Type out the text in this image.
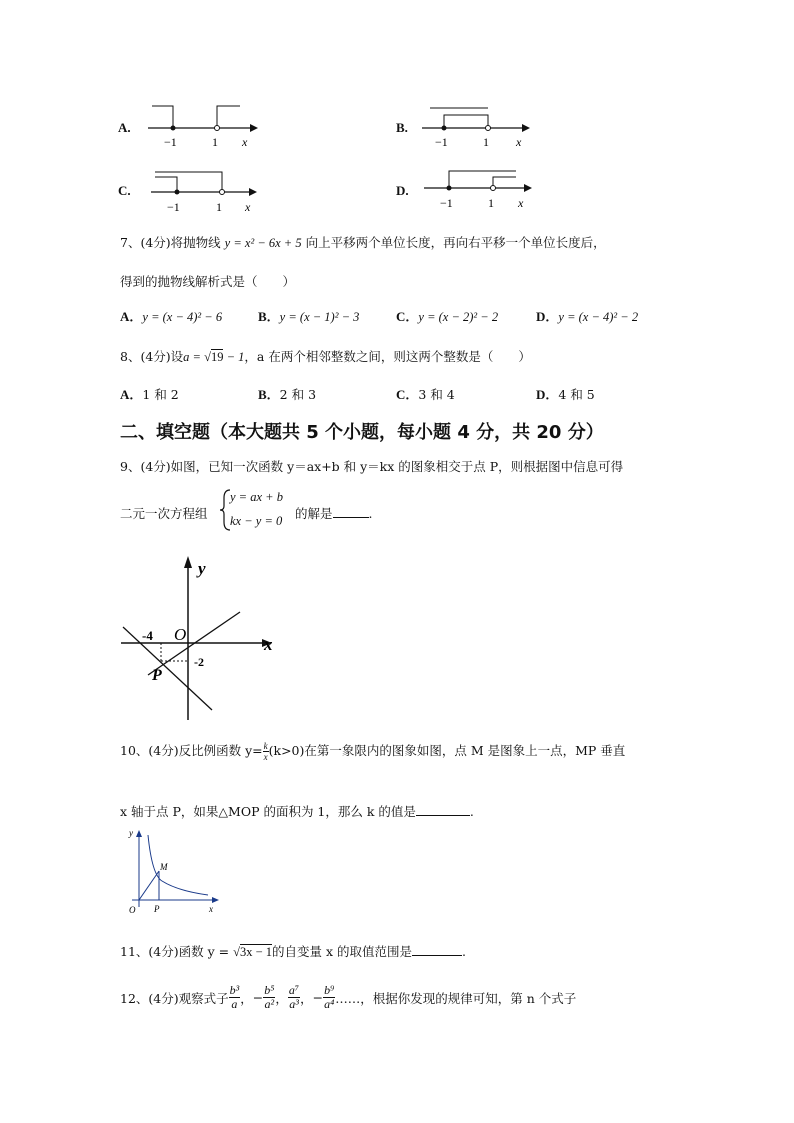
A.
−1	1 x
B.
−1	1 x
C.
−1	1 x
D.
−1	1 x
7、(4分)将抛物线 y = x² − 6x + 5 向上平移两个单位长度，再向右平移一个单位长度后，
得到的抛物线解析式是（　　）
A．y = (x − 4)² − 6	B．y = (x − 1)² − 3	C．y = (x − 2)² − 2	D．y = (x − 4)² − 2
8、(4分)设a = √19 − 1，a 在两个相邻整数之间，则这两个整数是（　　）
A．1 和 2	B．2 和 3	C．3 和 4	D．4 和 5
二、填空题（本大题共 5 个小题，每小题 4 分，共 20 分）
9、(4分)如图，已知一次函数 y＝ax+b 和 y＝kx 的图象相交于点 P，则根据图中信息可得
二元一次方程组
y = ax + b
kx − y = 0 的解是	.
y
x
O
-4
-2
P
10、(4分)反比例函数 $y= \frac{k}{x} (k>0)$在第一象限内的图象如图，点 M 是图象上一点，MP 垂直
x 轴于点 P，如果△MOP 的面积为 1，那么 k 的值是	.
y
x
O
M
P
11、(4分)函数 y = √3x − 1的自变量 x 的取值范围是	.
12、(4分)观察式子 $\frac{\text{b³}}{a}$ ， − $\frac{\text{b⁵}}{\text{a²}}$ ， $\frac{\text{a⁷}}{\text{a³}}$ ， − $\frac{\text{b⁹}}{\text{a⁴}}$ ……，根据你发现的规律可知，第 n 个式子
